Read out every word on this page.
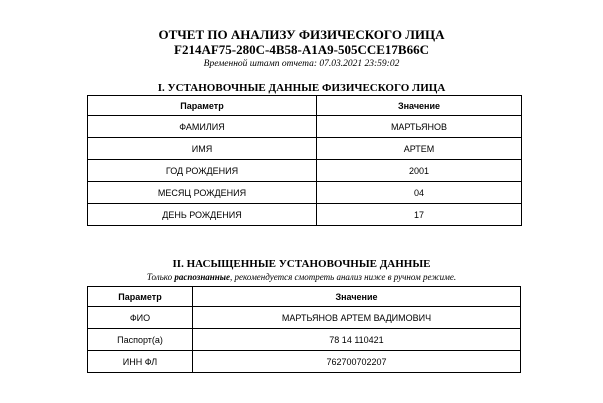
ОТЧЕТ ПО АНАЛИЗУ ФИЗИЧЕСКОГО ЛИЦА
F214AF75-280C-4B58-A1A9-505CCE17B66C
Временной штамп отчета: 07.03.2021 23:59:02
I. УСТАНОВОЧНЫЕ ДАННЫЕ ФИЗИЧЕСКОГО ЛИЦА
Параметр	Значение
ФАМИЛИЯ	МАРТЬЯНОВ
ИМЯ	АРТЕМ
ГОД РОЖДЕНИЯ	2001
МЕСЯЦ РОЖДЕНИЯ	04
ДЕНЬ РОЖДЕНИЯ	17
II. НАСЫЩЕННЫЕ УСТАНОВОЧНЫЕ ДАННЫЕ
Только распознанные, рекомендуется смотреть анализ ниже в ручном режиме.
Параметр	Значение
ФИО	МАРТЬЯНОВ АРТЕМ ВАДИМОВИЧ
Паспорт(а)	78 14 110421
ИНН ФЛ	762700702207
